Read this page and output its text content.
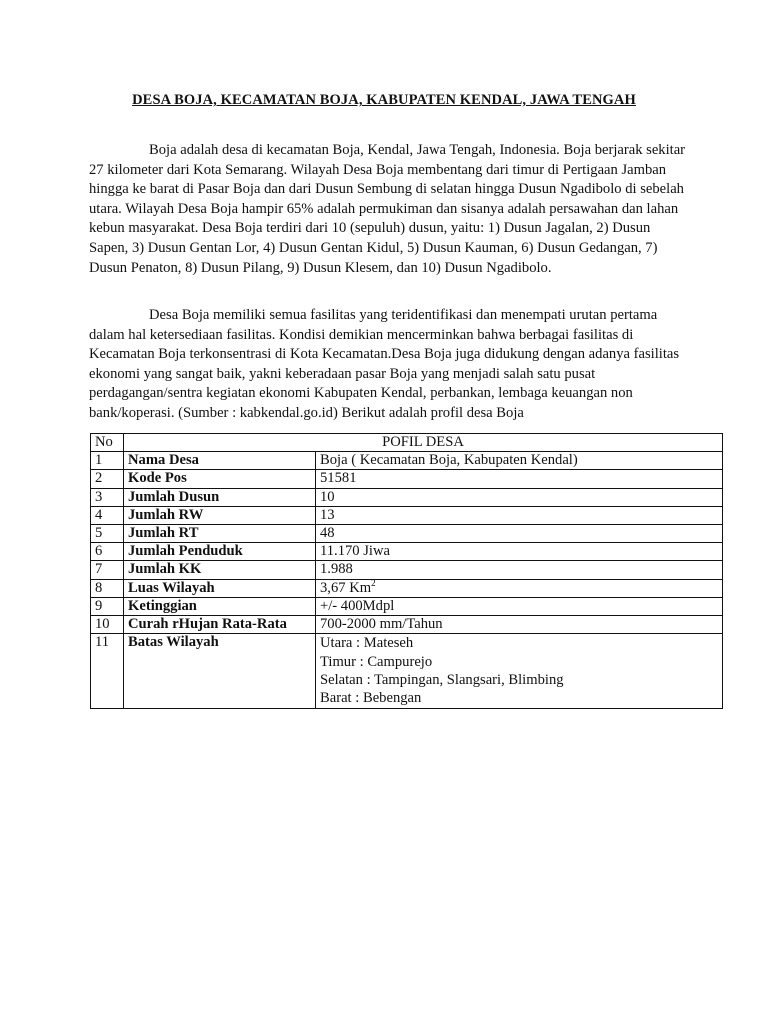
DESA BOJA, KECAMATAN BOJA, KABUPATEN KENDAL, JAWA TENGAH

Boja adalah desa di kecamatan Boja, Kendal, Jawa Tengah, Indonesia. Boja berjarak sekitar 27 kilometer dari Kota Semarang. Wilayah Desa Boja membentang dari timur di Pertigaan Jamban hingga ke barat di Pasar Boja dan dari Dusun Sembung di selatan hingga Dusun Ngadibolo di sebelah utara. Wilayah Desa Boja hampir 65% adalah permukiman dan sisanya adalah persawahan dan lahan kebun masyarakat. Desa Boja terdiri dari 10 (sepuluh) dusun, yaitu: 1) Dusun Jagalan, 2) Dusun Sapen, 3) Dusun Gentan Lor, 4) Dusun Gentan Kidul, 5) Dusun Kauman, 6) Dusun Gedangan, 7) Dusun Penaton, 8) Dusun Pilang, 9) Dusun Klesem, dan 10) Dusun Ngadibolo.

Desa Boja memiliki semua fasilitas yang teridentifikasi dan menempati urutan pertama dalam hal ketersediaan fasilitas. Kondisi demikian mencerminkan bahwa berbagai fasilitas di Kecamatan Boja terkonsentrasi di Kota Kecamatan.Desa Boja juga didukung dengan adanya fasilitas ekonomi yang sangat baik, yakni keberadaan pasar Boja yang menjadi salah satu pusat perdagangan/sentra kegiatan ekonomi Kabupaten Kendal, perbankan, lembaga keuangan non bank/koperasi. (Sumber : kabkendal.go.id) Berikut adalah profil desa Boja

No	POFIL DESA	
1	Nama Desa	Boja ( Kecamatan Boja, Kabupaten Kendal)
2	Kode Pos	51581
3	Jumlah Dusun	10
4	Jumlah RW	13
5	Jumlah RT	48
6	Jumlah Penduduk	11.170 Jiwa
7	Jumlah KK	1.988
8	Luas Wilayah	3,67 Km$^2$
9	Ketinggian	+/- 400Mdpl
10	Curah rHujan Rata-Rata	700-2000 mm/Tahun
11	Batas Wilayah	Utara : Mateseh
Timur : Campurejo
Selatan : Tampingan, Slangsari, Blimbing
Barat : Bebengan
